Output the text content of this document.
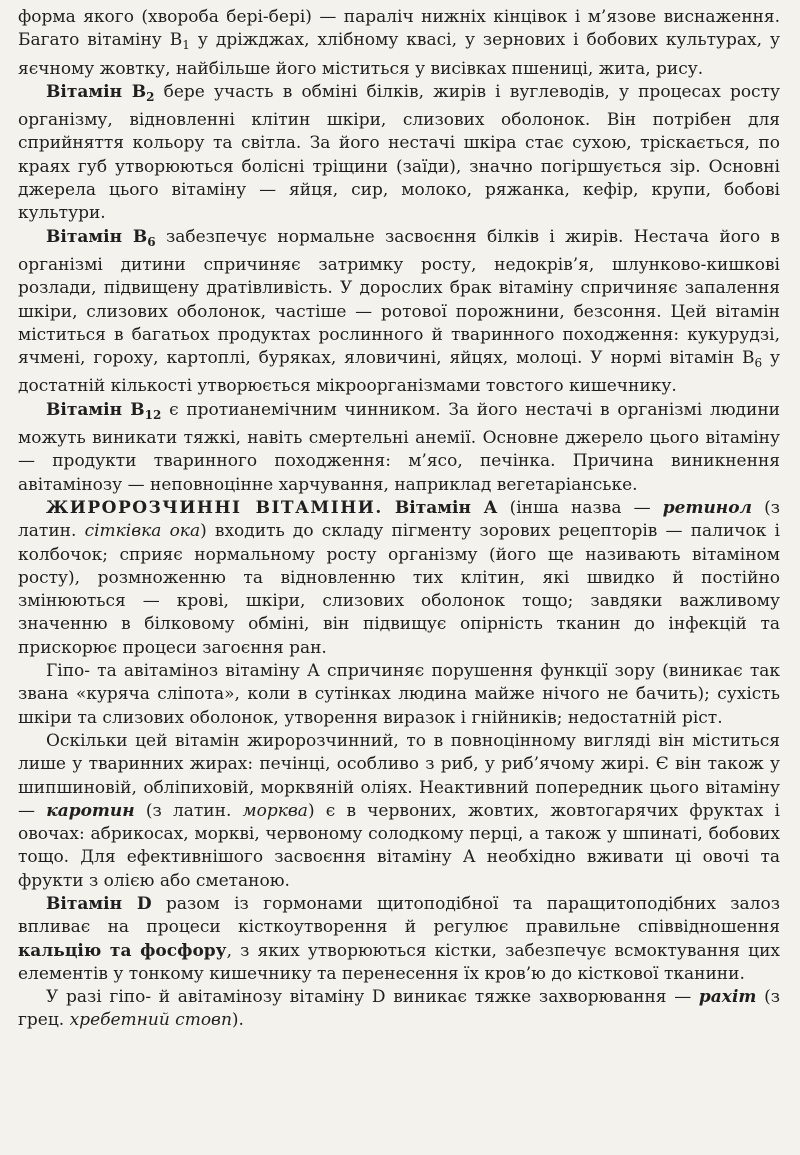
форма якого (хвороба бері-бері) — параліч нижніх кінцівок і м’язове виснаження. Багато вітаміну $В_1$ у дріжджах, хлібному квасі, у зернових і бобових культурах, у яєчному жовтку, найбільше його міститься у висівках пшениці, жита, рису.

Вітамін $В_2$ бере участь в обміні білків, жирів і вуглеводів, у процесах росту організму, відновленні клітин шкіри, слизових оболонок. Він потрібен для сприйняття кольору та світла. За його нестачі шкіра стає сухою, тріскається, по краях губ утворюються болісні тріщини (заїди), значно погіршується зір. Основні джерела цього вітаміну — яйця, сир, молоко, ряжанка, кефір, крупи, бобові культури.

Вітамін $В_6$ забезпечує нормальне засвоєння білків і жирів. Нестача його в організмі дитини спричиняє затримку росту, недокрів’я, шлунково-кишкові розлади, підвищену дратівливість. У дорослих брак вітаміну спричиняє запалення шкіри, слизових оболонок, частіше — ротової порожнини, безсоння. Цей вітамін міститься в багатьох продуктах рослинного й тваринного походження: кукурудзі, ячмені, гороху, картоплі, буряках, яловичині, яйцях, молоці. У нормі вітамін $В_6$ у достатній кількості утворюється мікроорганізмами товстого кишечнику.

Вітамін $В_{12}$ є протианемічним чинником. За його нестачі в організмі людини можуть виникати тяжкі, навіть смертельні анемії. Основне джерело цього вітаміну — продукти тваринного походження: м’ясо, печінка. Причина виникнення авітамінозу — неповноцінне харчування, наприклад вегетаріанське.

ЖИРОРОЗЧИННІ ВІТАМІНИ. Вітамін А (інша назва — ретинол (з латин. сітківка ока) входить до складу пігменту зорових рецепторів — паличок і колбочок; сприяє нормальному росту організму (його ще називають вітаміном росту), розмноженню та відновленню тих клітин, які швидко й постійно змінюються — крові, шкіри, слизових оболонок тощо; завдяки важливому значенню в білковому обміні, він підвищує опірність тканин до інфекцій та прискорює процеси загоєння ран.

Гіпо- та авітаміноз вітаміну А спричиняє порушення функції зору (виникає так звана «куряча сліпота», коли в сутінках людина майже нічого не бачить); сухість шкіри та слизових оболонок, утворення виразок і гнійників; недостатній ріст.

Оскільки цей вітамін жиророзчинний, то в повноцінному вигляді він міститься лише у тваринних жирах: печінці, особливо з риб, у риб’ячому жирі. Є він також у шипшиновій, обліпиховій, морквяній оліях. Неактивний попередник цього вітаміну — каротин (з латин. морква) є в червоних, жовтих, жовтогарячих фруктах і овочах: абрикосах, моркві, червоному солодкому перці, а також у шпинаті, бобових тощо. Для ефективнішого засвоєння вітаміну А необхідно вживати ці овочі та фрукти з олією або сметаною.

Вітамін D разом із гормонами щитоподібної та паращитоподібних залоз впливає на процеси кісткоутворення й регулює правильне співвідношення кальцію та фосфору, з яких утворюються кістки, забезпечує всмоктування цих елементів у тонкому кишечнику та перенесення їх кров’ю до кісткової тканини.

У разі гіпо- й авітамінозу вітаміну D виникає тяжке захворювання — рахіт (з грец. хребетний стовп).
